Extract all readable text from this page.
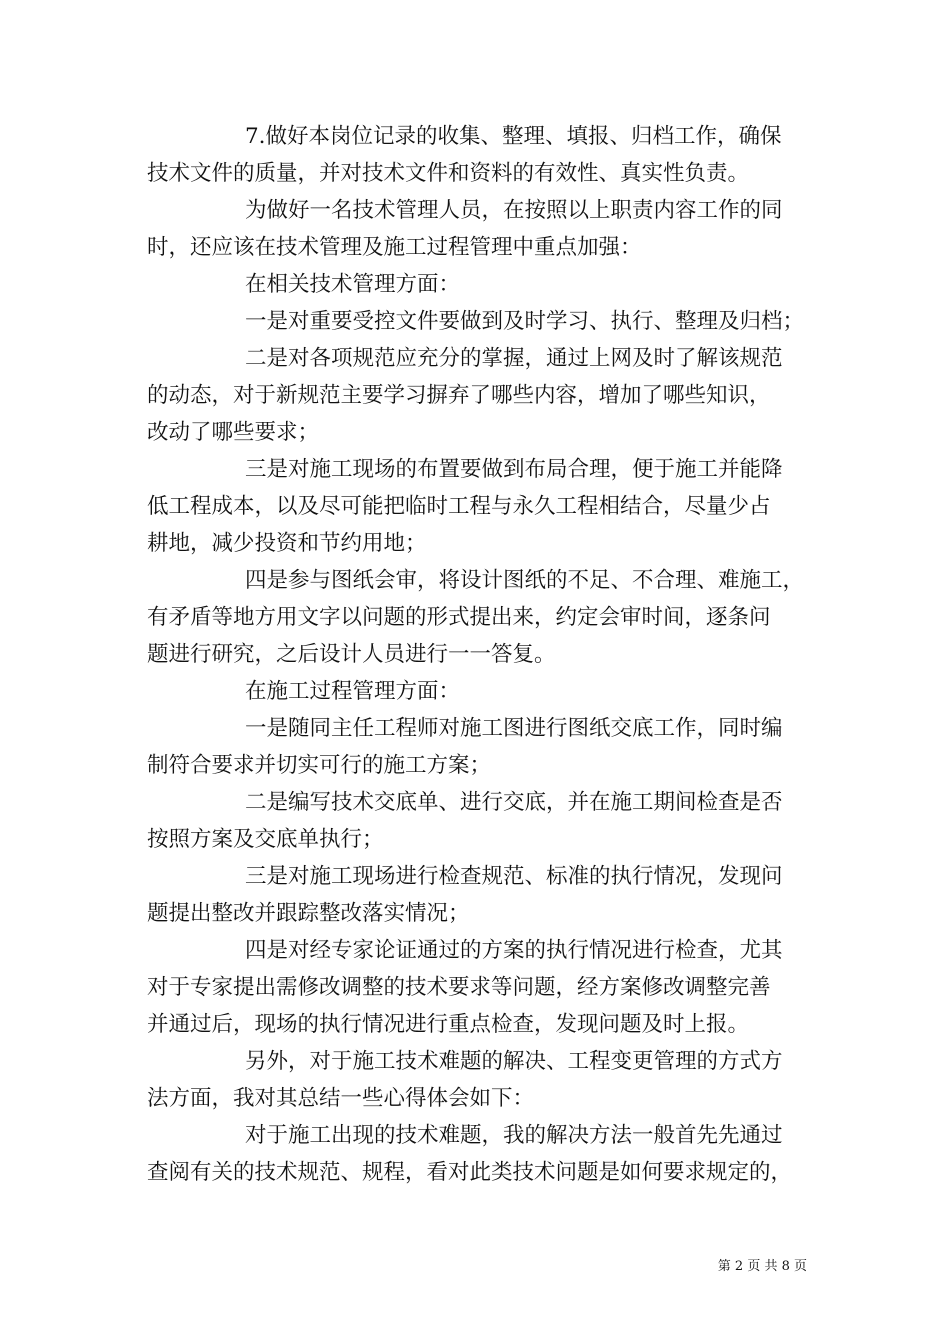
7.做好本岗位记录的收集、整理、填报、归档工作，确保
技术文件的质量，并对技术文件和资料的有效性、真实性负责。
为做好一名技术管理人员，在按照以上职责内容工作的同
时，还应该在技术管理及施工过程管理中重点加强：
在相关技术管理方面：
一是对重要受控文件要做到及时学习、执行、整理及归档；
二是对各项规范应充分的掌握，通过上网及时了解该规范
的动态，对于新规范主要学习摒弃了哪些内容，增加了哪些知识，
改动了哪些要求；
三是对施工现场的布置要做到布局合理，便于施工并能降
低工程成本，以及尽可能把临时工程与永久工程相结合，尽量少占
耕地，减少投资和节约用地；
四是参与图纸会审，将设计图纸的不足、不合理、难施工，
有矛盾等地方用文字以问题的形式提出来，约定会审时间，逐条问
题进行研究，之后设计人员进行一一答复。
在施工过程管理方面：
一是随同主任工程师对施工图进行图纸交底工作，同时编
制符合要求并切实可行的施工方案；
二是编写技术交底单、进行交底，并在施工期间检查是否
按照方案及交底单执行；
三是对施工现场进行检查规范、标准的执行情况，发现问
题提出整改并跟踪整改落实情况；
四是对经专家论证通过的方案的执行情况进行检查，尤其
对于专家提出需修改调整的技术要求等问题，经方案修改调整完善
并通过后，现场的执行情况进行重点检查，发现问题及时上报。
另外，对于施工技术难题的解决、工程变更管理的方式方
法方面，我对其总结一些心得体会如下：
对于施工出现的技术难题，我的解决方法一般首先先通过
查阅有关的技术规范、规程，看对此类技术问题是如何要求规定的，
第 2 页 共 8 页
